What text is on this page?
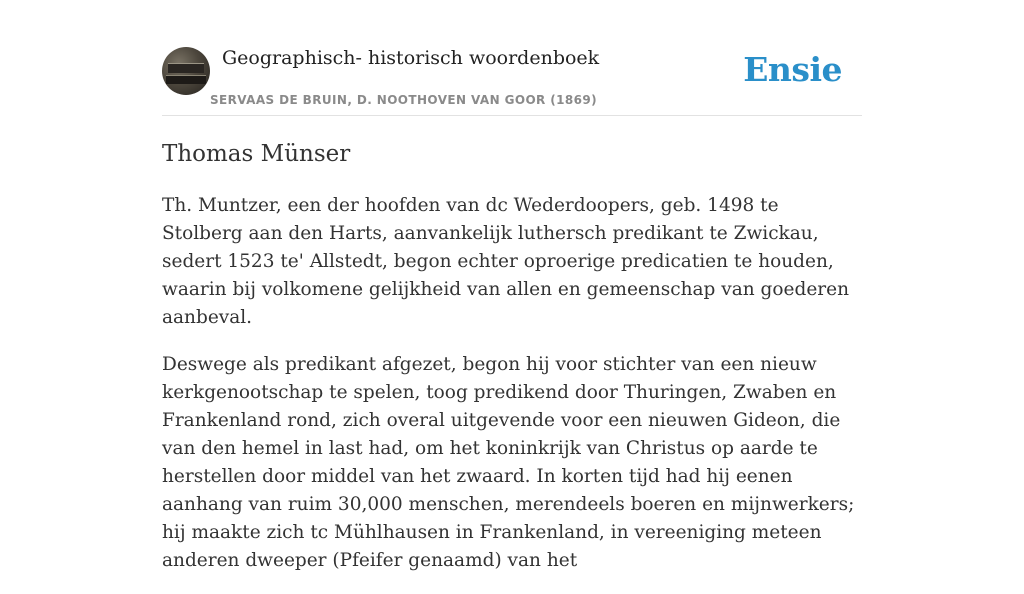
Geographisch- historisch woordenboek
SERVAAS DE BRUIN, D. NOOTHOVEN VAN GOOR (1869)
Ensie
Thomas Münser

Th. Muntzer, een der hoofden van dc Wederdoopers, geb. 1498 te Stolberg aan den Harts, aanvankelijk luthersch predikant te Zwickau, sedert 1523 te' Allstedt, begon echter oproerige predicatien te houden, waarin bij volkomene gelijkheid van allen en gemeenschap van goederen aanbeval.

Deswege als predikant afgezet, begon hij voor stichter van een nieuw kerkgenootschap te spelen, toog predikend door Thuringen, Zwaben en Frankenland rond, zich overal uitgevende voor een nieuwen Gideon, die van den hemel in last had, om het koninkrijk van Christus op aarde te herstellen door middel van het zwaard. In korten tijd had hij eenen aanhang van ruim 30,000 menschen, merendeels boeren en mijnwerkers; hij maakte zich tc Mühlhausen in Frankenland, in vereeniging meteen anderen dweeper (Pfeifer genaamd) van het
